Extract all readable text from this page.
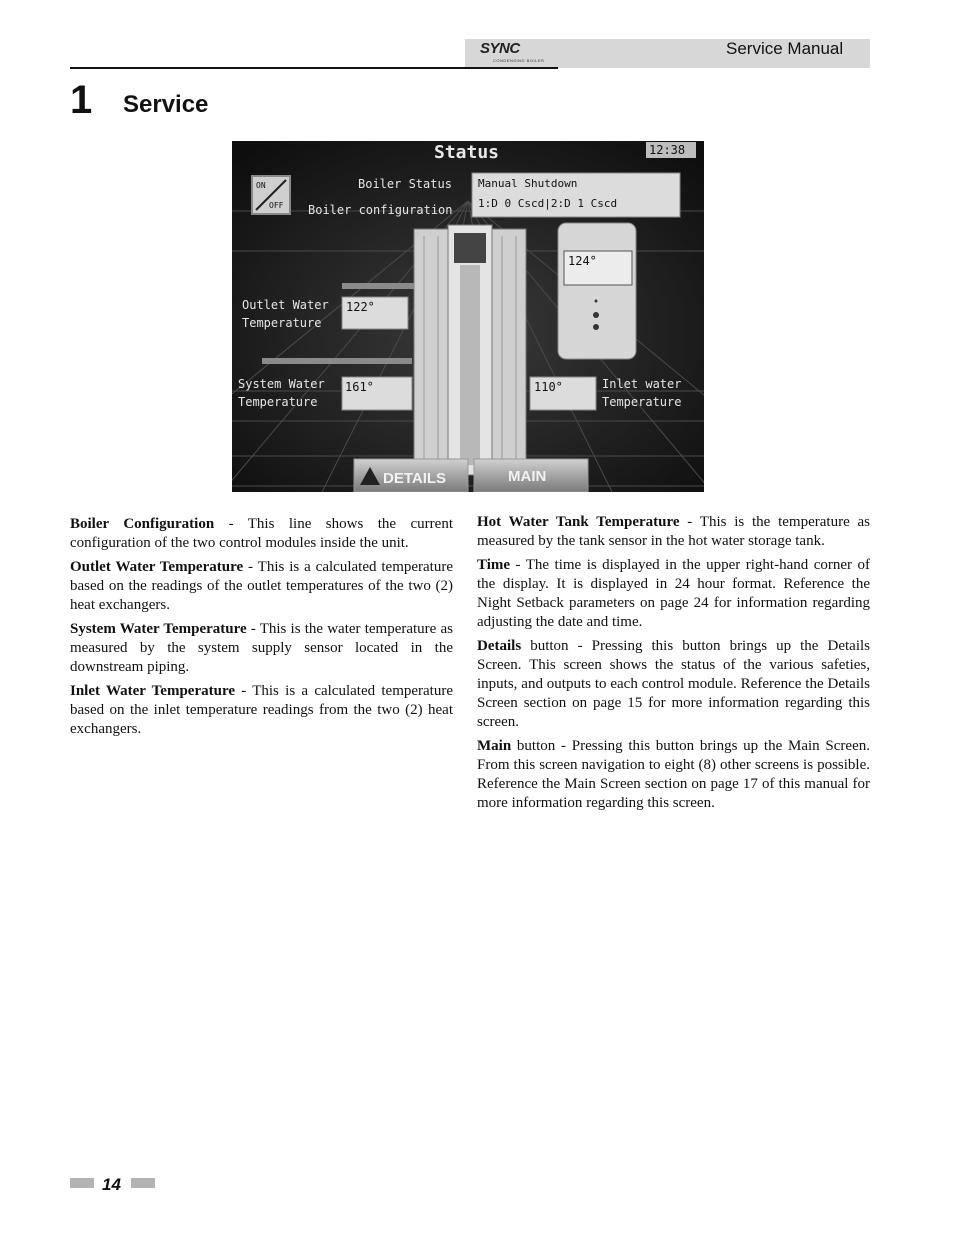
SYNC
CONDENSING BOILER
Service Manual
1 Service
Status	12:38
ON
OFF
Boiler Status
Boiler configuration
Manual Shutdown
1:D 0 Cscd|2:D 1 Cscd
124°
Outlet Water
Temperature
122°
System Water
Temperature
161°	110°	Inlet water
Temperature
DETAILS	MAIN

Boiler Configuration - This line shows the current configuration of the two control modules inside the unit.

Outlet Water Temperature - This is a calculated temperature based on the readings of the outlet temperatures of the two (2) heat exchangers.

System Water Temperature - This is the water temperature as measured by the system supply sensor located in the downstream piping.

Inlet Water Temperature - This is a calculated temperature based on the inlet temperature readings from the two (2) heat exchangers.

Hot Water Tank Temperature - This is the temperature as measured by the tank sensor in the hot water storage tank.

Time - The time is displayed in the upper right-hand corner of the display. It is displayed in 24 hour format. Reference the Night Setback parameters on page 24 for information regarding adjusting the date and time.

Details button - Pressing this button brings up the Details Screen. This screen shows the status of the various safeties, inputs, and outputs to each control module. Reference the Details Screen section on page 15 for more information regarding this screen.

Main button - Pressing this button brings up the Main Screen. From this screen navigation to eight (8) other screens is possible. Reference the Main Screen section on page 17 of this manual for more information regarding this screen.

14
